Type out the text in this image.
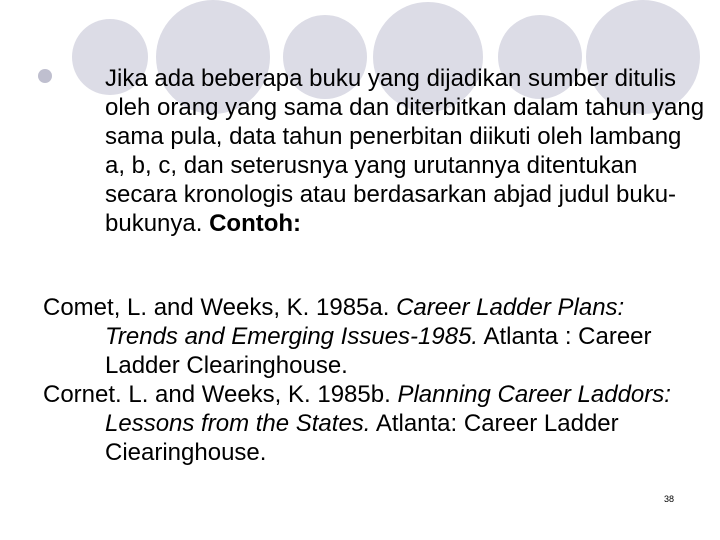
Jika ada beberapa buku yang dijadikan sumber ditulis oleh orang yang sama dan diterbitkan dalam tahun yang sama pula, data tahun penerbitan diikuti oleh lambang a, b, c, dan seterusnya yang urutannya ditentukan secara kronologis atau berdasarkan abjad judul buku-bukunya. Contoh:

Comet, L. and Weeks, K. 1985a. Career Ladder Plans: Trends and Emerging Issues-1985. Atlanta : Career Ladder Clearinghouse.

Cornet. L. and Weeks, K. 1985b. Planning Career Laddors: Lessons from the States. Atlanta: Career Ladder Ciearinghouse.

38
